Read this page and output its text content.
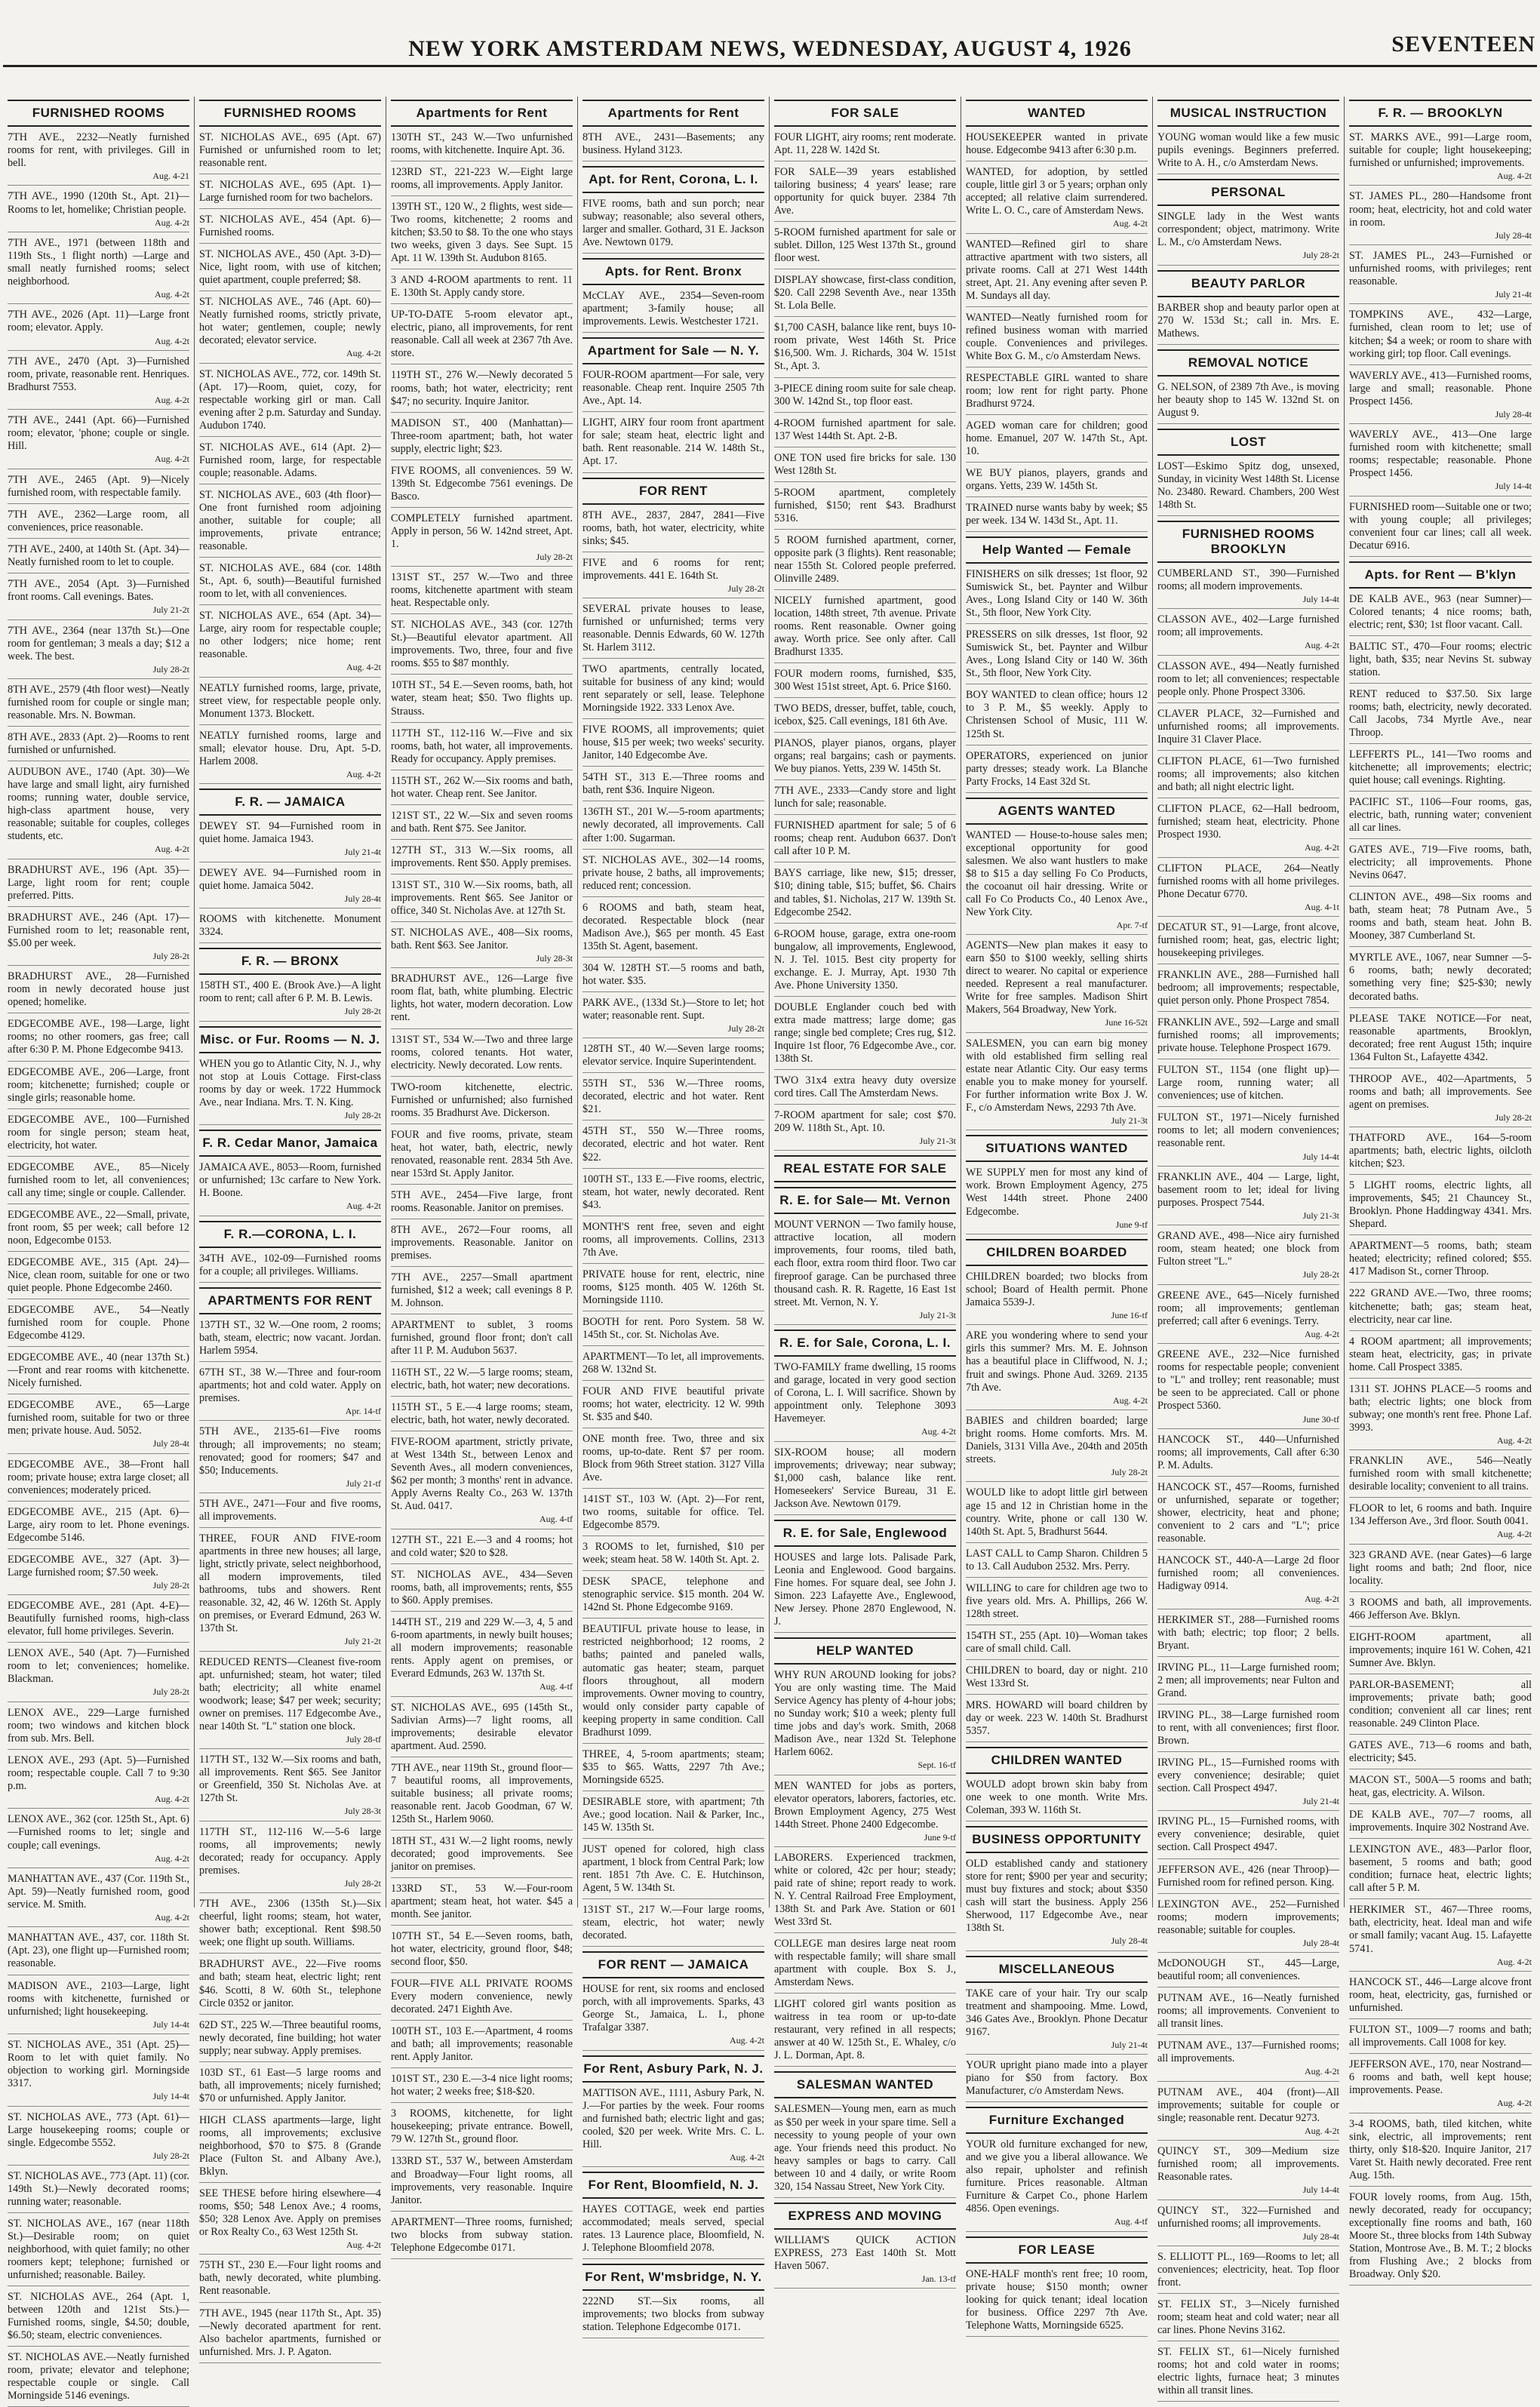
NEW YORK AMSTERDAM NEWS, WEDNESDAY, AUGUST 4, 1926	SEVENTEEN
FURNISHED ROOMS
7TH AVE., 2232—Neatly furnished rooms for rent, with privileges. Gill in bell.
Aug. 4-21
7TH AVE., 1990 (120th St., Apt. 21)—Rooms to let, homelike; Christian people.
Aug. 4-2t
7TH AVE., 1971 (between 118th and 119th Sts., 1 flight north) —Large and small neatly furnished rooms; select neighborhood.
Aug. 4-2t
7TH AVE., 2026 (Apt. 11)—Large front room; elevator. Apply.
Aug. 4-2t
7TH AVE., 2470 (Apt. 3)—Furnished room, private, reasonable rent. Henriques. Bradhurst 7553.
Aug. 4-2t
7TH AVE., 2441 (Apt. 66)—Furnished room; elevator, 'phone; couple or single. Hill.
Aug. 4-2t
7TH AVE., 2465 (Apt. 9)—Nicely furnished room, with respectable family.
7TH AVE., 2362—Large room, all conveniences, price reasonable.
7TH AVE., 2400, at 140th St. (Apt. 34)—Neatly furnished room to let to couple.
7TH AVE., 2054 (Apt. 3)—Furnished front rooms. Call evenings. Bates.
July 21-2t
7TH AVE., 2364 (near 137th St.)—One room for gentleman; 3 meals a day; $12 a week. The best.
July 28-2t
8TH AVE., 2579 (4th floor west)—Neatly furnished room for couple or single man; reasonable. Mrs. N. Bowman.
8TH AVE., 2833 (Apt. 2)—Rooms to rent furnished or unfurnished.
AUDUBON AVE., 1740 (Apt. 30)—We have large and small light, airy furnished rooms; running water, double service, high-class apartment house, very reasonable; suitable for couples, colleges students, etc.
Aug. 4-2t
BRADHURST AVE., 196 (Apt. 35)—Large, light room for rent; couple preferred. Pitts.
BRADHURST AVE., 246 (Apt. 17)—Furnished room to let; reasonable rent, $5.00 per week.
July 28-2t
BRADHURST AVE., 28—Furnished room in newly decorated house just opened; homelike.
EDGECOMBE AVE., 198—Large, light rooms; no other roomers, gas free; call after 6:30 P. M. Phone Edgecombe 9413.
EDGECOMBE AVE., 206—Large, front room; kitchenette; furnished; couple or single girls; reasonable home.
EDGECOMBE AVE., 100—Furnished room for single person; steam heat, electricity, hot water.
EDGECOMBE AVE., 85—Nicely furnished room to let, all conveniences; call any time; single or couple. Callender.
EDGECOMBE AVE., 22—Small, private, front room, $5 per week; call before 12 noon, Edgecombe 0153.
EDGECOMBE AVE., 315 (Apt. 24)—Nice, clean room, suitable for one or two quiet people. Phone Edgecombe 2460.
EDGECOMBE AVE., 54—Neatly furnished room for couple. Phone Edgecombe 4129.
EDGECOMBE AVE., 40 (near 137th St.)—Front and rear rooms with kitchenette. Nicely furnished.
EDGECOMBE AVE., 65—Large furnished room, suitable for two or three men; private house. Aud. 5052.
July 28-4t
EDGECOMBE AVE., 38—Front hall room; private house; extra large closet; all conveniences; moderately priced.
EDGECOMBE AVE., 215 (Apt. 6)—Large, airy room to let. Phone evenings. Edgecombe 5146.
EDGECOMBE AVE., 327 (Apt. 3)—Large furnished room; $7.50 week.
July 28-2t
EDGECOMBE AVE., 281 (Apt. 4-E)—Beautifully furnished rooms, high-class elevator, full home privileges. Severin.
LENOX AVE., 540 (Apt. 7)—Furnished room to let; conveniences; homelike. Blackman.
July 28-2t
LENOX AVE., 229—Large furnished room; two windows and kitchen block from sub. Mrs. Bell.
LENOX AVE., 293 (Apt. 5)—Furnished room; respectable couple. Call 7 to 9:30 p.m.
Aug. 4-2t
LENOX AVE., 362 (cor. 125th St., Apt. 6)—Furnished rooms to let; single and couple; call evenings.
Aug. 4-2t
MANHATTAN AVE., 437 (Cor. 119th St., Apt. 59)—Neatly furnished room, good service. M. Smith.
Aug. 4-2t
MANHATTAN AVE., 437, cor. 118th St. (Apt. 23), one flight up—Furnished room; reasonable.
MADISON AVE., 2103—Large, light rooms with kitchenette, furnished or unfurnished; light housekeeping.
July 14-4t
ST. NICHOLAS AVE., 351 (Apt. 25)—Room to let with quiet family. No objection to working girl. Morningside 3317.
July 14-4t
ST. NICHOLAS AVE., 773 (Apt. 61)—Large housekeeping rooms; couple or single. Edgecombe 5552.
July 28-2t
ST. NICHOLAS AVE., 773 (Apt. 11) (cor. 149th St.)—Newly decorated rooms; running water; reasonable.
ST. NICHOLAS AVE., 167 (near 118th St.)—Desirable room; on quiet neighborhood, with quiet family; no other roomers kept; telephone; furnished or unfurnished; reasonable. Bailey.
ST. NICHOLAS AVE., 264 (Apt. 1, between 120th and 121st Sts.)—Furnished rooms, single, $4.50; double, $6.50; steam, electric conveniences.
ST. NICHOLAS AVE.—Neatly furnished room, private; elevator and telephone; respectable couple or single. Call Morningside 5146 evenings.
FURNISHED ROOMS
ST. NICHOLAS AVE., 695 (Apt. 67) Furnished or unfurnished room to let; reasonable rent.
ST. NICHOLAS AVE., 695 (Apt. 1)—Large furnished room for two bachelors.
ST. NICHOLAS AVE., 454 (Apt. 6)—Furnished rooms.
ST. NICHOLAS AVE., 450 (Apt. 3-D)—Nice, light room, with use of kitchen; quiet apartment, couple preferred; $8.
ST. NICHOLAS AVE., 746 (Apt. 60)—Neatly furnished rooms, strictly private, hot water; gentlemen, couple; newly decorated; elevator service.
Aug. 4-2t
ST. NICHOLAS AVE., 772, cor. 149th St. (Apt. 17)—Room, quiet, cozy, for respectable working girl or man. Call evening after 2 p.m. Saturday and Sunday. Audubon 1740.
ST. NICHOLAS AVE., 614 (Apt. 2)—Furnished room, large, for respectable couple; reasonable. Adams.
ST. NICHOLAS AVE., 603 (4th floor)—One front furnished room adjoining another, suitable for couple; all improvements, private entrance; reasonable.
ST. NICHOLAS AVE., 684 (cor. 148th St., Apt. 6, south)—Beautiful furnished room to let, with all conveniences.
ST. NICHOLAS AVE., 654 (Apt. 34)—Large, airy room for respectable couple; no other lodgers; nice home; rent reasonable.
Aug. 4-2t
NEATLY furnished rooms, large, private, street view, for respectable people only. Monument 1373. Blockett.
NEATLY furnished rooms, large and small; elevator house. Dru, Apt. 5-D. Harlem 2008.
Aug. 4-2t
F. R. — JAMAICA
DEWEY ST. 94—Furnished room in quiet home. Jamaica 1943.
July 21-4t
DEWEY AVE. 94—Furnished room in quiet home. Jamaica 5042.
July 28-4t
ROOMS with kitchenette. Monument 3324.
F. R. — BRONX
158TH ST., 400 E. (Brook Ave.)—A light room to rent; call after 6 P. M. B. Lewis.
July 28-2t
Misc. or Fur. Rooms — N. J.
WHEN you go to Atlantic City, N. J., why not stop at Louis Cottage. First-class rooms by day or week. 1722 Hummock Ave., near Indiana. Mrs. T. N. King.
July 28-2t
F. R. Cedar Manor, Jamaica
JAMAICA AVE., 8053—Room, furnished or unfurnished; 13c carfare to New York. H. Boone.
Aug. 4-2t
F. R.—CORONA, L. I.
34TH AVE., 102-09—Furnished rooms for a couple; all privileges. Williams.
APARTMENTS FOR RENT
137TH ST., 32 W.—One room, 2 rooms; bath, steam, electric; now vacant. Jordan. Harlem 5954.
67TH ST., 38 W.—Three and four-room apartments; hot and cold water. Apply on premises.
Apr. 14-tf
5TH AVE., 2135-61—Five rooms through; all improvements; no steam; renovated; good for roomers; $47 and $50; Inducements.
July 21-tf
5TH AVE., 2471—Four and five rooms, all improvements.
THREE, FOUR AND FIVE-room apartments in three new houses; all large, light, strictly private, select neighborhood, all modern improvements, tiled bathrooms, tubs and showers. Rent reasonable. 32, 42, 46 W. 126th St. Apply on premises, or Everard Edmund, 263 W. 137th St.
July 21-2t
REDUCED RENTS—Cleanest five-room apt. unfurnished; steam, hot water; tiled bath; electricity; all white enamel woodwork; lease; $47 per week; security; owner on premises. 117 Edgecombe Ave., near 140th St. "L" station one block.
July 28-tf
117TH ST., 132 W.—Six rooms and bath, all improvements. Rent $65. See Janitor or Greenfield, 350 St. Nicholas Ave. at 127th St.
July 28-3t
117TH ST., 112-116 W.—5-6 large rooms, all improvements; newly decorated; ready for occupancy. Apply premises.
July 28-2t
7TH AVE., 2306 (135th St.)—Six cheerful, light rooms; steam, hot water, shower bath; exceptional. Rent $98.50 week; one flight up south. Williams.
BRADHURST AVE., 22—Five rooms and bath; steam heat, electric light; rent $46. Scotti, 8 W. 60th St., telephone Circle 0352 or janitor.
62D ST., 225 W.—Three beautiful rooms, newly decorated, fine building; hot water supply; near subway. Apply premises.
103D ST., 61 East—5 large rooms and bath, all improvements; nicely furnished; $70 or unfurnished. Apply Janitor.
HIGH CLASS apartments—large, light rooms, all improvements; exclusive neighborhood, $70 to $75. 8 (Grande Place (Fulton St. and Albany Ave.), Bklyn.
SEE THESE before hiring elsewhere—4 rooms, $50; 548 Lenox Ave.; 4 rooms, $50; 328 Lenox Ave. Apply on premises or Rox Realty Co., 63 West 125th St.
Aug. 4-2t
75TH ST., 230 E.—Four light rooms and bath, newly decorated, white plumbing. Rent reasonable.
7TH AVE., 1945 (near 117th St., Apt. 35)—Newly decorated apartment for rent. Also bachelor apartments, furnished or unfurnished. Mrs. J. P. Agaton.
Apartments for Rent
130TH ST., 243 W.—Two unfurnished rooms, with kitchenette. Inquire Apt. 36.
123RD ST., 221-223 W.—Eight large rooms, all improvements. Apply Janitor.
139TH ST., 120 W., 2 flights, west side—Two rooms, kitchenette; 2 rooms and kitchen; $3.50 to $8. To the one who stays two weeks, given 3 days. See Supt. 15 Apt. 11 W. 139th St. Audubon 8165.
3 AND 4-ROOM apartments to rent. 11 E. 130th St. Apply candy store.
UP-TO-DATE 5-room elevator apt., electric, piano, all improvements, for rent reasonable. Call all week at 2367 7th Ave. store.
119TH ST., 276 W.—Newly decorated 5 rooms, bath; hot water, electricity; rent $47; no security. Inquire Janitor.
MADISON ST., 400 (Manhattan)—Three-room apartment; bath, hot water supply, electric light; $23.
FIVE ROOMS, all conveniences. 59 W. 139th St. Edgecombe 7561 evenings. De Basco.
COMPLETELY furnished apartment. Apply in person, 56 W. 142nd street, Apt. 1.
July 28-2t
131ST ST., 257 W.—Two and three rooms, kitchenette apartment with steam heat. Respectable only.
ST. NICHOLAS AVE., 343 (cor. 127th St.)—Beautiful elevator apartment. All improvements. Two, three, four and five rooms. $55 to $87 monthly.
10TH ST., 54 E.—Seven rooms, bath, hot water, steam heat; $50. Two flights up. Strauss.
117TH ST., 112-116 W.—Five and six rooms, bath, hot water, all improvements. Ready for occupancy. Apply premises.
115TH ST., 262 W.—Six rooms and bath, hot water. Cheap rent. See Janitor.
121ST ST., 22 W.—Six and seven rooms and bath. Rent $75. See Janitor.
127TH ST., 313 W.—Six rooms, all improvements. Rent $50. Apply premises.
131ST ST., 310 W.—Six rooms, bath, all improvements. Rent $65. See Janitor or office, 340 St. Nicholas Ave. at 127th St.
ST. NICHOLAS AVE., 408—Six rooms, bath. Rent $63. See Janitor.
July 28-3t
BRADHURST AVE., 126—Large five room flat, bath, white plumbing. Electric lights, hot water, modern decoration. Low rent.
131ST ST., 534 W.—Two and three large rooms, colored tenants. Hot water, electricity. Newly decorated. Low rents.
TWO-room kitchenette, electric. Furnished or unfurnished; also furnished rooms. 35 Bradhurst Ave. Dickerson.
FOUR and five rooms, private, steam heat, hot water, bath, electric, newly renovated, reasonable rent. 2834 5th Ave. near 153rd St. Apply Janitor.
5TH AVE., 2454—Five large, front rooms. Reasonable. Janitor on premises.
8TH AVE., 2672—Four rooms, all improvements. Reasonable. Janitor on premises.
7TH AVE., 2257—Small apartment furnished, $12 a week; call evenings 8 P. M. Johnson.
APARTMENT to sublet, 3 rooms furnished, ground floor front; don't call after 11 P. M. Audubon 5637.
116TH ST., 22 W.—5 large rooms; steam, electric, bath, hot water; new decorations.
115TH ST., 5 E.—4 large rooms; steam, electric, bath, hot water, newly decorated.
FIVE-ROOM apartment, strictly private, at West 134th St., between Lenox and Seventh Aves., all modern conveniences, $62 per month; 3 months' rent in advance. Apply Averns Realty Co., 263 W. 137th St. Aud. 0417.
Aug. 4-tf
127TH ST., 221 E.—3 and 4 rooms; hot and cold water; $20 to $28.
ST. NICHOLAS AVE., 434—Seven rooms, bath, all improvements; rents, $55 to $60. Apply premises.
144TH ST., 219 and 229 W.—3, 4, 5 and 6-room apartments, in newly built houses; all modern improvements; reasonable rents. Apply agent on premises, or Everard Edmunds, 263 W. 137th St.
Aug. 4-tf
ST. NICHOLAS AVE., 695 (145th St., Sadivian Arms)—7 light rooms, all improvements; desirable elevator apartment. Aud. 2590.
7TH AVE., near 119th St., ground floor—7 beautiful rooms, all improvements, suitable business; all private rooms; reasonable rent. Jacob Goodman, 67 W. 125th St., Harlem 9060.
18TH ST., 431 W.—2 light rooms, newly decorated; good improvements. See janitor on premises.
133RD ST., 53 W.—Four-room apartment; steam heat, hot water. $45 a month. See janitor.
107TH ST., 54 E.—Seven rooms, bath, hot water, electricity, ground floor, $48; second floor, $50.
FOUR—FIVE ALL PRIVATE ROOMS Every modern convenience, newly decorated. 2471 Eighth Ave.
100TH ST., 103 E.—Apartment, 4 rooms and bath; all improvements; reasonable rent. Apply Janitor.
101ST ST., 230 E.—3-4 nice light rooms; hot water; 2 weeks free; $18-$20.
3 ROOMS, kitchenette, for light housekeeping; private entrance. Bowell, 79 W. 127th St., ground floor.
133RD ST., 537 W., between Amsterdam and Broadway—Four light rooms, all improvements, very reasonable. Inquire Janitor.
APARTMENT—Three rooms, furnished; two blocks from subway station. Telephone Edgecombe 0171.
Apartments for Rent
8TH AVE., 2431—Basements; any business. Hyland 3123.
Apt. for Rent, Corona, L. I.
FIVE rooms, bath and sun porch; near subway; reasonable; also several others, larger and smaller. Gothard, 31 E. Jackson Ave. Newtown 0179.
Apts. for Rent. Bronx
McCLAY AVE., 2354—Seven-room apartment; 3-family house; all improvements. Lewis. Westchester 1721.
Apartment for Sale — N. Y.
FOUR-ROOM apartment—For sale, very reasonable. Cheap rent. Inquire 2505 7th Ave., Apt. 14.
LIGHT, AIRY four room front apartment for sale; steam heat, electric light and bath. Rent reasonable. 214 W. 148th St., Apt. 17.
FOR RENT
8TH AVE., 2837, 2847, 2841—Five rooms, bath, hot water, electricity, white sinks; $45.
FIVE and 6 rooms for rent; improvements. 441 E. 164th St.
July 28-2t
SEVERAL private houses to lease, furnished or unfurnished; terms very reasonable. Dennis Edwards, 60 W. 127th St. Harlem 3112.
TWO apartments, centrally located, suitable for business of any kind; would rent separately or sell, lease. Telephone Morningside 1922. 333 Lenox Ave.
FIVE ROOMS, all improvements; quiet house, $15 per week; two weeks' security. Janitor, 140 Edgecombe Ave.
54TH ST., 313 E.—Three rooms and bath, rent $36. Inquire Nigeon.
136TH ST., 201 W.—5-room apartments; newly decorated, all improvements. Call after 1:00. Sugarman.
ST. NICHOLAS AVE., 302—14 rooms, private house, 2 baths, all improvements; reduced rent; concession.
6 ROOMS and bath, steam heat, decorated. Respectable block (near Madison Ave.), $65 per month. 45 East 135th St. Agent, basement.
304 W. 128TH ST.—5 rooms and bath, hot water. $35.
PARK AVE., (133d St.)—Store to let; hot water; reasonable rent. Supt.
July 28-2t
128TH ST., 40 W.—Seven large rooms; elevator service. Inquire Superintendent.
55TH ST., 536 W.—Three rooms, decorated, electric and hot water. Rent $21.
45TH ST., 550 W.—Three rooms, decorated, electric and hot water. Rent $22.
100TH ST., 133 E.—Five rooms, electric, steam, hot water, newly decorated. Rent $43.
MONTH'S rent free, seven and eight rooms, all improvements. Collins, 2313 7th Ave.
PRIVATE house for rent, electric, nine rooms, $125 month. 405 W. 126th St. Morningside 1110.
BOOTH for rent. Poro System. 58 W. 145th St., cor. St. Nicholas Ave.
APARTMENT—To let, all improvements. 268 W. 132nd St.
FOUR AND FIVE beautiful private rooms; hot water, electricity. 12 W. 99th St. $35 and $40.
ONE month free. Two, three and six rooms, up-to-date. Rent $7 per room. Block from 96th Street station. 3127 Villa Ave.
141ST ST., 103 W. (Apt. 2)—For rent, two rooms, suitable for office. Tel. Edgecombe 8579.
3 ROOMS to let, furnished, $10 per week; steam heat. 58 W. 140th St. Apt. 2.
DESK SPACE, telephone and stenographic service. $15 month. 204 W. 142nd St. Phone Edgecombe 9169.
BEAUTIFUL private house to lease, in restricted neighborhood; 12 rooms, 2 baths; painted and paneled walls, automatic gas heater; steam, parquet floors throughout, all modern improvements. Owner moving to country, would only consider party capable of keeping property in same condition. Call Bradhurst 1099.
THREE, 4, 5-room apartments; steam; $35 to $65. Watts, 2297 7th Ave.; Morningside 6525.
DESIRABLE store, with apartment; 7th Ave.; good location. Nail & Parker, Inc., 145 W. 135th St.
JUST opened for colored, high class apartment, 1 block from Central Park; low rent. 1851 7th Ave. C. E. Hutchinson, Agent, 5 W. 134th St.
131ST ST., 217 W.—Four large rooms, steam, electric, hot water; newly decorated.
FOR RENT — JAMAICA
HOUSE for rent, six rooms and enclosed porch, with all improvements. Sparks, 43 George St., Jamaica, L. I., phone Trafalgar 3387.
Aug. 4-2t
For Rent, Asbury Park, N. J.
MATTISON AVE., 1111, Asbury Park, N. J.—For parties by the week. Four rooms and furnished bath; electric light and gas; cooled, $20 per week. Write Mrs. C. L. Hill.
Aug. 4-2t
For Rent, Bloomfield, N. J.
HAYES COTTAGE, week end parties accommodated; meals served, special rates. 13 Laurence place, Bloomfield, N. J. Telephone Bloomfield 2078.
For Rent, W'msbridge, N. Y.
222ND ST.—Six rooms, all improvements; two blocks from subway station. Telephone Edgecombe 0171.
FOR SALE
FOUR LIGHT, airy rooms; rent moderate. Apt. 11, 228 W. 142d St.
FOR SALE—39 years established tailoring business; 4 years' lease; rare opportunity for quick buyer. 2384 7th Ave.
5-ROOM furnished apartment for sale or sublet. Dillon, 125 West 137th St., ground floor west.
DISPLAY showcase, first-class condition, $20. Call 2298 Seventh Ave., near 135th St. Lola Belle.
$1,700 CASH, balance like rent, buys 10-room private, West 146th St. Price $16,500. Wm. J. Richards, 304 W. 151st St., Apt. 3.
3-PIECE dining room suite for sale cheap. 300 W. 142nd St., top floor east.
4-ROOM furnished apartment for sale. 137 West 144th St. Apt. 2-B.
ONE TON used fire bricks for sale. 130 West 128th St.
5-ROOM apartment, completely furnished, $150; rent $43. Bradhurst 5316.
5 ROOM furnished apartment, corner, opposite park (3 flights). Rent reasonable; near 155th St. Colored people preferred. Olinville 2489.
NICELY furnished apartment, good location, 148th street, 7th avenue. Private rooms. Rent reasonable. Owner going away. Worth price. See only after. Call Bradhurst 1335.
FOUR modern rooms, furnished, $35, 300 West 151st street, Apt. 6. Price $160.
TWO BEDS, dresser, buffet, table, couch, icebox, $25. Call evenings, 181 6th Ave.
PIANOS, player pianos, organs, player organs; real bargains; cash or payments. We buy pianos. Yetts, 239 W. 145th St.
7TH AVE., 2333—Candy store and light lunch for sale; reasonable.
FURNISHED apartment for sale; 5 of 6 rooms; cheap rent. Audubon 6637. Don't call after 10 P. M.
BAYS carriage, like new, $15; dresser, $10; dining table, $15; buffet, $6. Chairs and tables, $1. Nicholas, 217 W. 139th St. Edgecombe 2542.
6-ROOM house, garage, extra one-room bungalow, all improvements, Englewood, N. J. Tel. 1015. Best city property for exchange. E. J. Murray, Apt. 1930 7th Ave. Phone University 1350.
DOUBLE Englander couch bed with extra made mattress; large dome; gas range; single bed complete; Cres rug, $12. Inquire 1st floor, 76 Edgecombe Ave., cor. 138th St.
TWO 31x4 extra heavy duty oversize cord tires. Call The Amsterdam News.
7-ROOM apartment for sale; cost $70. 209 W. 118th St., Apt. 10.
July 21-3t
REAL ESTATE FOR SALE
R. E. for Sale— Mt. Vernon
MOUNT VERNON — Two family house, attractive location, all modern improvements, four rooms, tiled bath, each floor, extra room third floor. Two car fireproof garage. Can be purchased three thousand cash. R. R. Ragette, 16 East 1st street. Mt. Vernon, N. Y.
July 21-3t
R. E. for Sale, Corona, L. I.
TWO-FAMILY frame dwelling, 15 rooms and garage, located in very good section of Corona, L. I. Will sacrifice. Shown by appointment only. Telephone 3093 Havemeyer.
Aug. 4-2t
SIX-ROOM house; all modern improvements; driveway; near subway; $1,000 cash, balance like rent. Homeseekers' Service Bureau, 31 E. Jackson Ave. Newtown 0179.
R. E. for Sale, Englewood
HOUSES and large lots. Palisade Park, Leonia and Englewood. Good bargains. Fine homes. For square deal, see John J. Simon. 223 Lafayette Ave., Englewood, New Jersey. Phone 2870 Englewood, N. J.
HELP WANTED
WHY RUN AROUND looking for jobs? You are only wasting time. The Maid Service Agency has plenty of 4-hour jobs; no Sunday work; $10 a week; plenty full time jobs and day's work. Smith, 2068 Madison Ave., near 132d St. Telephone Harlem 6062.
Sept. 16-tf
MEN WANTED for jobs as porters, elevator operators, laborers, factories, etc. Brown Employment Agency, 275 West 144th Street. Phone 2400 Edgecombe.
June 9-tf
LABORERS. Experienced trackmen, white or colored, 42c per hour; steady; paid rate of shine; report ready to work. N. Y. Central Railroad Free Employment, 138th St. and Park Ave. Station or 601 West 33rd St.
COLLEGE man desires large neat room with respectable family; will share small apartment with couple. Box S. J., Amsterdam News.
LIGHT colored girl wants position as waitress in tea room or up-to-date restaurant, very refined in all respects; answer at 40 W. 125th St., E. Whaley, c/o J. L. Dorman, Apt. 8.
SALESMAN WANTED
SALESMEN—Young men, earn as much as $50 per week in your spare time. Sell a necessity to young people of your own age. Your friends need this product. No heavy samples or bags to carry. Call between 10 and 4 daily, or write Room 320, 154 Nassau Street, New York City.
EXPRESS AND MOVING
WILLIAM'S QUICK ACTION EXPRESS, 273 East 140th St. Mott Haven 5067.
Jan. 13-tf
WANTED
HOUSEKEEPER wanted in private house. Edgecombe 9413 after 6:30 p.m.
WANTED, for adoption, by settled couple, little girl 3 or 5 years; orphan only accepted; all relative claim surrendered. Write L. O. C., care of Amsterdam News.
Aug. 4-2t
WANTED—Refined girl to share attractive apartment with two sisters, all private rooms. Call at 271 West 144th street, Apt. 21. Any evening after seven P. M. Sundays all day.
WANTED—Neatly furnished room for refined business woman with married couple. Conveniences and privileges. White Box G. M., c/o Amsterdam News.
RESPECTABLE GIRL wanted to share room; low rent for right party. Phone Bradhurst 9724.
AGED woman care for children; good home. Emanuel, 207 W. 147th St., Apt. 10.
WE BUY pianos, players, grands and organs. Yetts, 239 W. 145th St.
TRAINED nurse wants baby by week; $5 per week. 134 W. 143d St., Apt. 11.
Help Wanted — Female
FINISHERS on silk dresses; 1st floor, 92 Sumiswick St., bet. Paynter and Wilbur Aves., Long Island City or 140 W. 36th St., 5th floor, New York City.
PRESSERS on silk dresses, 1st floor, 92 Sumiswick St., bet. Paynter and Wilbur Aves., Long Island City or 140 W. 36th St., 5th floor, New York City.
BOY WANTED to clean office; hours 12 to 3 P. M., $5 weekly. Apply to Christensen School of Music, 111 W. 125th St.
OPERATORS, experienced on junior party dresses; steady work. La Blanche Party Frocks, 14 East 32d St.
AGENTS WANTED
WANTED — House-to-house sales men; exceptional opportunity for good salesmen. We also want hustlers to make $8 to $15 a day selling Fo Co Products, the cocoanut oil hair dressing. Write or call Fo Co Products Co., 40 Lenox Ave., New York City.
Apr. 7-tf
AGENTS—New plan makes it easy to earn $50 to $100 weekly, selling shirts direct to wearer. No capital or experience needed. Represent a real manufacturer. Write for free samples. Madison Shirt Makers, 564 Broadway, New York.
June 16-52t
SALESMEN, you can earn big money with old established firm selling real estate near Atlantic City. Our easy terms enable you to make money for yourself. For further information write Box J. W. F., c/o Amsterdam News, 2293 7th Ave.
July 21-3t
SITUATIONS WANTED
WE SUPPLY men for most any kind of work. Brown Employment Agency, 275 West 144th street. Phone 2400 Edgecombe.
June 9-tf
CHILDREN BOARDED
CHILDREN boarded; two blocks from school; Board of Health permit. Phone Jamaica 5539-J.
June 16-tf
ARE you wondering where to send your girls this summer? Mrs. M. E. Johnson has a beautiful place in Cliffwood, N. J.; fruit and swings. Phone Aud. 3269. 2135 7th Ave.
Aug. 4-2t
BABIES and children boarded; large bright rooms. Home comforts. Mrs. M. Daniels, 3131 Villa Ave., 204th and 205th streets.
July 28-2t
WOULD like to adopt little girl between age 15 and 12 in Christian home in the country. Write, phone or call 130 W. 140th St. Apt. 5, Bradhurst 5644.
LAST CALL to Camp Sharon. Children 5 to 13. Call Audubon 2532. Mrs. Perry.
WILLING to care for children age two to five years old. Mrs. A. Phillips, 266 W. 128th street.
154TH ST., 255 (Apt. 10)—Woman takes care of small child. Call.
CHILDREN to board, day or night. 210 West 133rd St.
MRS. HOWARD will board children by day or week. 223 W. 140th St. Bradhurst 5357.
CHILDREN WANTED
WOULD adopt brown skin baby from one week to one month. Write Mrs. Coleman, 393 W. 116th St.
BUSINESS OPPORTUNITY
OLD established candy and stationery store for rent; $900 per year and security; must buy fixtures and stock; about $350 cash will start the business. Apply 256 Sherwood, 117 Edgecombe Ave., near 138th St.
July 28-4t
MISCELLANEOUS
TAKE care of your hair. Try our scalp treatment and shampooing. Mme. Lowd, 346 Gates Ave., Brooklyn. Phone Decatur 9167.
July 21-4t
YOUR upright piano made into a player piano for $50 from factory. Box Manufacturer, c/o Amsterdam News.
Furniture Exchanged
YOUR old furniture exchanged for new, and we give you a liberal allowance. We also repair, upholster and refinish furniture. Prices reasonable. Altman Furniture & Carpet Co., phone Harlem 4856. Open evenings.
Aug. 4-tf
FOR LEASE
ONE-HALF month's rent free; 10 room, private house; $150 month; owner looking for quick tenant; ideal location for business. Office 2297 7th Ave. Telephone Watts, Morningside 6525.
MUSICAL INSTRUCTION
YOUNG woman would like a few music pupils evenings. Beginners preferred. Write to A. H., c/o Amsterdam News.
PERSONAL
SINGLE lady in the West wants correspondent; object, matrimony. Write L. M., c/o Amsterdam News.
July 28-2t
BEAUTY PARLOR
BARBER shop and beauty parlor open at 270 W. 153d St.; call in. Mrs. E. Mathews.
REMOVAL NOTICE
G. NELSON, of 2389 7th Ave., is moving her beauty shop to 145 W. 132nd St. on August 9.
LOST
LOST—Eskimo Spitz dog, unsexed, Sunday, in vicinity West 148th St. License No. 23480. Reward. Chambers, 200 West 148th St.
FURNISHED ROOMS BROOKLYN
CUMBERLAND ST., 390—Furnished rooms; all modern improvements.
July 14-4t
CLASSON AVE., 402—Large furnished room; all improvements.
Aug. 4-2t
CLASSON AVE., 494—Neatly furnished room to let; all conveniences; respectable people only. Phone Prospect 3306.
CLAVER PLACE, 32—Furnished and unfurnished rooms; all improvements. Inquire 31 Claver Place.
CLIFTON PLACE, 61—Two furnished rooms; all improvements; also kitchen and bath; all night electric light.
CLIFTON PLACE, 62—Hall bedroom, furnished; steam heat, electricity. Phone Prospect 1930.
Aug. 4-2t
CLIFTON PLACE, 264—Neatly furnished rooms with all home privileges. Phone Decatur 6770.
Aug. 4-1t
DECATUR ST., 91—Large, front alcove, furnished room; heat, gas, electric light; housekeeping privileges.
FRANKLIN AVE., 288—Furnished hall bedroom; all improvements; respectable, quiet person only. Phone Prospect 7854.
FRANKLIN AVE., 592—Large and small furnished rooms; all improvements; private house. Telephone Prospect 1679.
FULTON ST., 1154 (one flight up)—Large room, running water; all conveniences; use of kitchen.
FULTON ST., 1971—Nicely furnished rooms to let; all modern conveniences; reasonable rent.
July 14-4t
FRANKLIN AVE., 404 — Large, light, basement room to let; ideal for living purposes. Prospect 7544.
July 21-3t
GRAND AVE., 498—Nice airy furnished room, steam heated; one block from Fulton street "L."
July 28-2t
GREENE AVE., 645—Nicely furnished room; all improvements; gentleman preferred; call after 6 evenings. Terry.
Aug. 4-2t
GREENE AVE., 232—Nice furnished rooms for respectable people; convenient to "L" and trolley; rent reasonable; must be seen to be appreciated. Call or phone Prospect 5360.
June 30-tf
HANCOCK ST., 440—Unfurnished rooms; all improvements, Call after 6:30 P. M. Adults.
HANCOCK ST., 457—Rooms, furnished or unfurnished, separate or together; shower, electricity, heat and phone; convenient to 2 cars and "L"; price reasonable.
HANCOCK ST., 440-A—Large 2d floor furnished room; all conveniences. Hadigway 0914.
Aug. 4-2t
HERKIMER ST., 288—Furnished rooms with bath; electric; top floor; 2 bells. Bryant.
IRVING PL., 11—Large furnished room; 2 men; all improvements; near Fulton and Grand.
IRVING PL., 38—Large furnished room to rent, with all conveniences; first floor. Brown.
IRVING PL., 15—Furnished rooms with every convenience; desirable; quiet section. Call Prospect 4947.
July 21-4t
IRVING PL., 15—Furnished rooms, with every convenience; desirable, quiet section. Call Prospect 4947.
JEFFERSON AVE., 426 (near Throop)—Furnished room for refined person. King.
LEXINGTON AVE., 252—Furnished rooms; modern improvements; reasonable; suitable for couples.
July 28-4t
McDONOUGH ST., 445—Large, beautiful room; all conveniences.
PUTNAM AVE., 16—Neatly furnished rooms; all improvements. Convenient to all transit lines.
PUTNAM AVE., 137—Furnished rooms; all improvements.
Aug. 4-2t
PUTNAM AVE., 404 (front)—All improvements; suitable for couple or single; reasonable rent. Decatur 9273.
Aug. 4-2t
QUINCY ST., 309—Medium size furnished room; all improvements. Reasonable rates.
July 14-4t
QUINCY ST., 322—Furnished and unfurnished rooms; all improvements.
July 28-4t
S. ELLIOTT PL., 169—Rooms to let; all conveniences; electricity, heat. Top floor front.
ST. FELIX ST., 3—Nicely furnished room; steam heat and cold water; near all car lines. Phone Nevins 3162.
ST. FELIX ST., 61—Nicely furnished rooms; hot and cold water in rooms; electric lights, furnace heat; 3 minutes within all transit lines.
F. R. — BROOKLYN
ST. MARKS AVE., 991—Large room, suitable for couple; light housekeeping; furnished or unfurnished; improvements.
Aug. 4-2t
ST. JAMES PL., 280—Handsome front room; heat, electricity, hot and cold water in room.
July 28-4t
ST. JAMES PL., 243—Furnished or unfurnished rooms, with privileges; rent reasonable.
July 21-4t
TOMPKINS AVE., 432—Large, furnished, clean room to let; use of kitchen; $4 a week; or room to share with working girl; top floor. Call evenings.
WAVERLY AVE., 413—Furnished rooms, large and small; reasonable. Phone Prospect 1456.
July 28-4t
WAVERLY AVE., 413—One large furnished room with kitchenette; small rooms; respectable; reasonable. Phone Prospect 1456.
July 14-4t
FURNISHED room—Suitable one or two; with young couple; all privileges; convenient four car lines; call all week. Decatur 6916.
Apts. for Rent — B'klyn
DE KALB AVE., 963 (near Sumner)—Colored tenants; 4 nice rooms; bath, electric; rent, $30; 1st floor vacant. Call.
BALTIC ST., 470—Four rooms; electric light, bath, $35; near Nevins St. subway station.
RENT reduced to $37.50. Six large rooms; bath, electricity, newly decorated. Call Jacobs, 734 Myrtle Ave., near Throop.
LEFFERTS PL., 141—Two rooms and kitchenette; all improvements; electric; quiet house; call evenings. Righting.
PACIFIC ST., 1106—Four rooms, gas, electric, bath, running water; convenient all car lines.
GATES AVE., 719—Five rooms, bath, electricity; all improvements. Phone Nevins 0647.
CLINTON AVE., 498—Six rooms and bath, steam heat; 78 Putnam Ave., 5 rooms and bath, steam heat. John B. Mooney, 387 Cumberland St.
MYRTLE AVE., 1067, near Sumner —5-6 rooms, bath; newly decorated; something very fine; $25-$30; newly decorated baths.
PLEASE TAKE NOTICE—For neat, reasonable apartments, Brooklyn, decorated; free rent August 15th; inquire 1364 Fulton St., Lafayette 4342.
THROOP AVE., 402—Apartments, 5 rooms and bath; all improvements. See agent on premises.
July 28-2t
THATFORD AVE., 164—5-room apartments; bath, electric lights, oilcloth kitchen; $23.
5 LIGHT rooms, electric lights, all improvements, $45; 21 Chauncey St., Brooklyn. Phone Haddingway 4341. Mrs. Shepard.
APARTMENT—5 rooms, bath; steam heated; electricity; refined colored; $55. 417 Madison St., corner Throop.
222 GRAND AVE.—Two, three rooms; kitchenette; bath; gas; steam heat, electricity, near car line.
4 ROOM apartment; all improvements; steam heat, electricity, gas; in private home. Call Prospect 3385.
1311 ST. JOHNS PLACE—5 rooms and bath; electric lights; one block from subway; one month's rent free. Phone Laf. 3993.
Aug. 4-2t
FRANKLIN AVE., 546—Neatly furnished room with small kitchenette; desirable locality; convenient to all trains.
FLOOR to let, 6 rooms and bath. Inquire 134 Jefferson Ave., 3rd floor. South 0041.
Aug. 4-2t
323 GRAND AVE. (near Gates)—6 large light rooms and bath; 2nd floor, nice locality.
3 ROOMS and bath, all improvements. 466 Jefferson Ave. Bklyn.
EIGHT-ROOM apartment, all improvements; inquire 161 W. Cohen, 421 Sumner Ave. Bklyn.
PARLOR-BASEMENT; all improvements; private bath; good condition; convenient all car lines; rent reasonable. 249 Clinton Place.
GATES AVE., 713—6 rooms and bath, electricity; $45.
MACON ST., 500A—5 rooms and bath; heat, gas, electricity. A. Wilson.
DE KALB AVE., 707—7 rooms, all improvements. Inquire 302 Nostrand Ave.
LEXINGTON AVE., 483—Parlor floor, basement, 5 rooms and bath; good condition; furnace heat, electric lights; call after 5 P. M.
HERKIMER ST., 467—Three rooms, bath, electricity, heat. Ideal man and wife or small family; vacant Aug. 15. Lafayette 5741.
Aug. 4-2t
HANCOCK ST., 446—Large alcove front room, heat, electricity, gas, furnished or unfurnished.
FULTON ST., 1009—7 rooms and bath; all improvements. Call 1008 for key.
JEFFERSON AVE., 170, near Nostrand—6 rooms and bath, well kept house; improvements. Pease.
Aug. 4-2t
3-4 ROOMS, bath, tiled kitchen, white sink, electric, all improvements; rent thirty, only $18-$20. Inquire Janitor, 217 Varet St. Haith newly decorated. Free rent Aug. 15th.
FOUR lovely rooms, from Aug. 15th, newly decorated, ready for occupancy; exceptionally fine rooms and bath, 160 Moore St., three blocks from 14th Subway Station, Montrose Ave., B. M. T.; 2 blocks from Flushing Ave.; 2 blocks from Broadway. Only $20.
